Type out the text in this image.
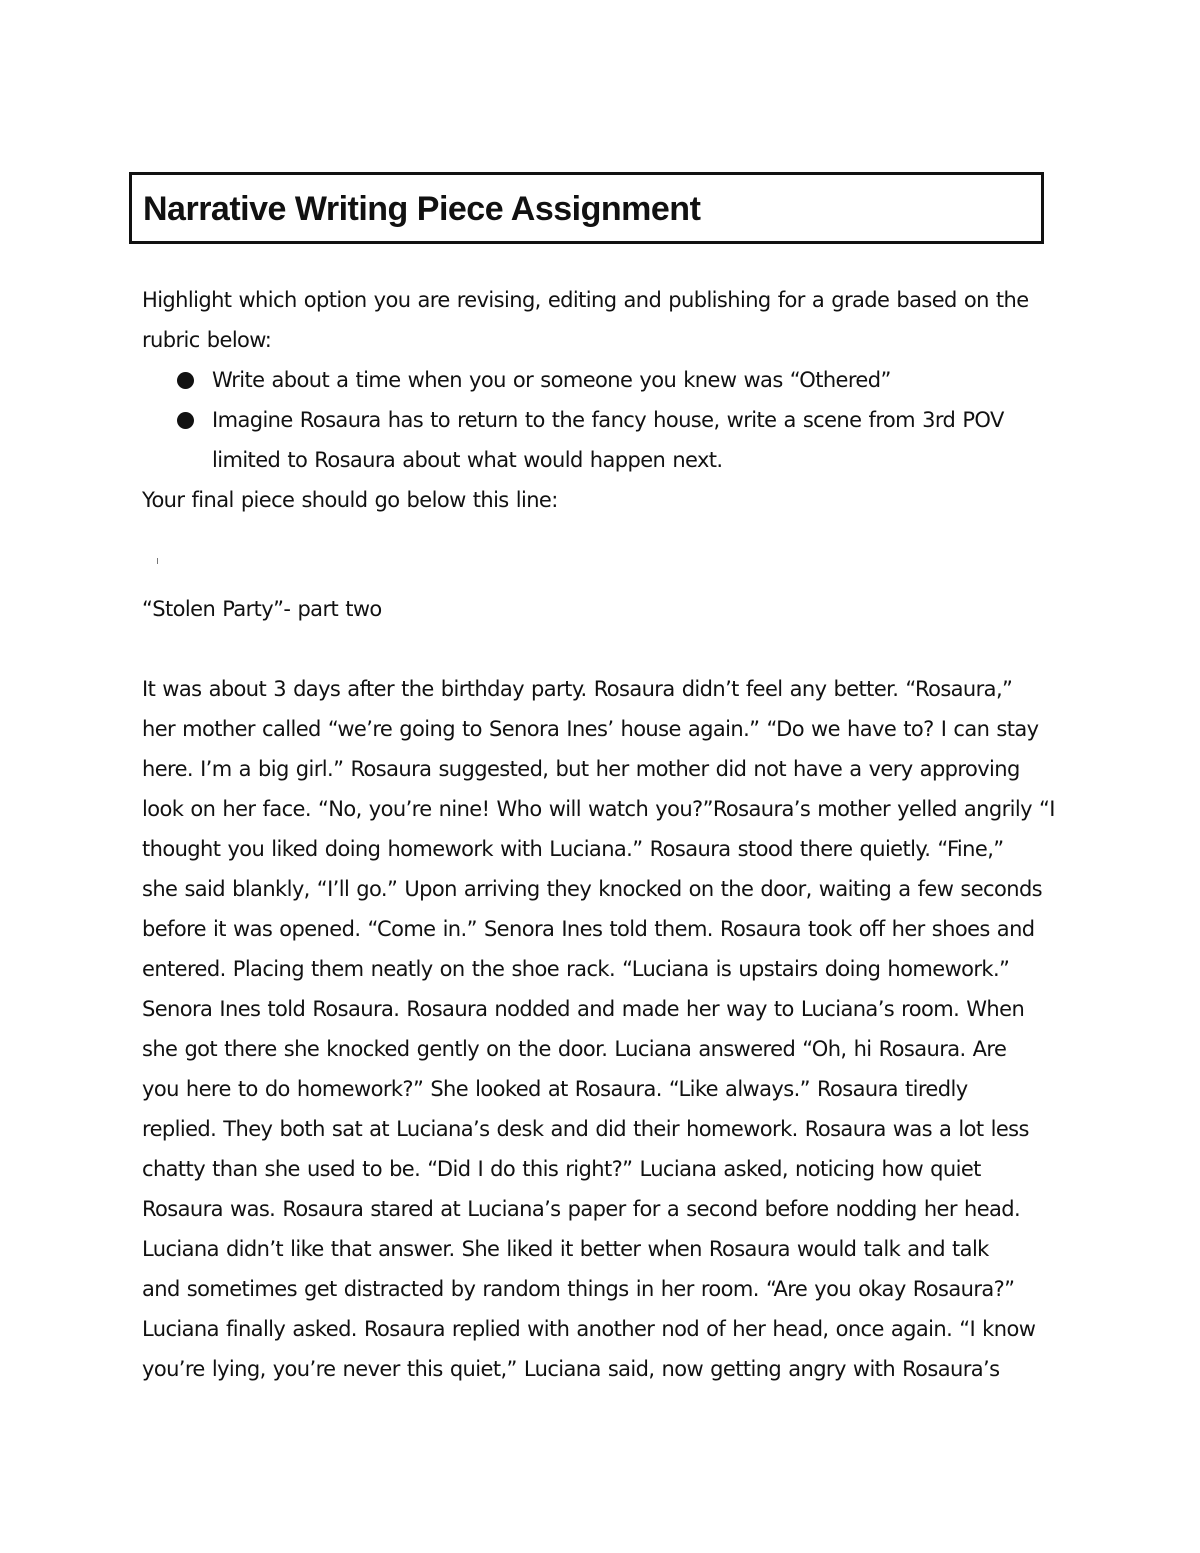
Narrative Writing Piece Assignment
Highlight which option you are revising, editing and publishing for a grade based on the
rubric below:
Write about a time when you or someone you knew was “Othered”
Imagine Rosaura has to return to the fancy house, write a scene from 3rd POV
limited to Rosaura about what would happen next.
Your final piece should go below this line:
“Stolen Party”- part two
It was about 3 days after the birthday party. Rosaura didn’t feel any better. “Rosaura,”
her mother called “we’re going to Senora Ines’ house again.” “Do we have to? I can stay
here. I’m a big girl.” Rosaura suggested, but her mother did not have a very approving
look on her face. “No, you’re nine! Who will watch you?”Rosaura’s mother yelled angrily “I
thought you liked doing homework with Luciana.” Rosaura stood there quietly. “Fine,”
she said blankly, “I’ll go.” Upon arriving they knocked on the door, waiting a few seconds
before it was opened. “Come in.” Senora Ines told them. Rosaura took off her shoes and
entered. Placing them neatly on the shoe rack. “Luciana is upstairs doing homework.”
Senora Ines told Rosaura. Rosaura nodded and made her way to Luciana’s room. When
she got there she knocked gently on the door. Luciana answered “Oh, hi Rosaura. Are
you here to do homework?” She looked at Rosaura. “Like always.” Rosaura tiredly
replied. They both sat at Luciana’s desk and did their homework. Rosaura was a lot less
chatty than she used to be. “Did I do this right?” Luciana asked, noticing how quiet
Rosaura was. Rosaura stared at Luciana’s paper for a second before nodding her head.
Luciana didn’t like that answer. She liked it better when Rosaura would talk and talk
and sometimes get distracted by random things in her room. “Are you okay Rosaura?”
Luciana finally asked. Rosaura replied with another nod of her head, once again. “I know
you’re lying, you’re never this quiet,” Luciana said, now getting angry with Rosaura’s
